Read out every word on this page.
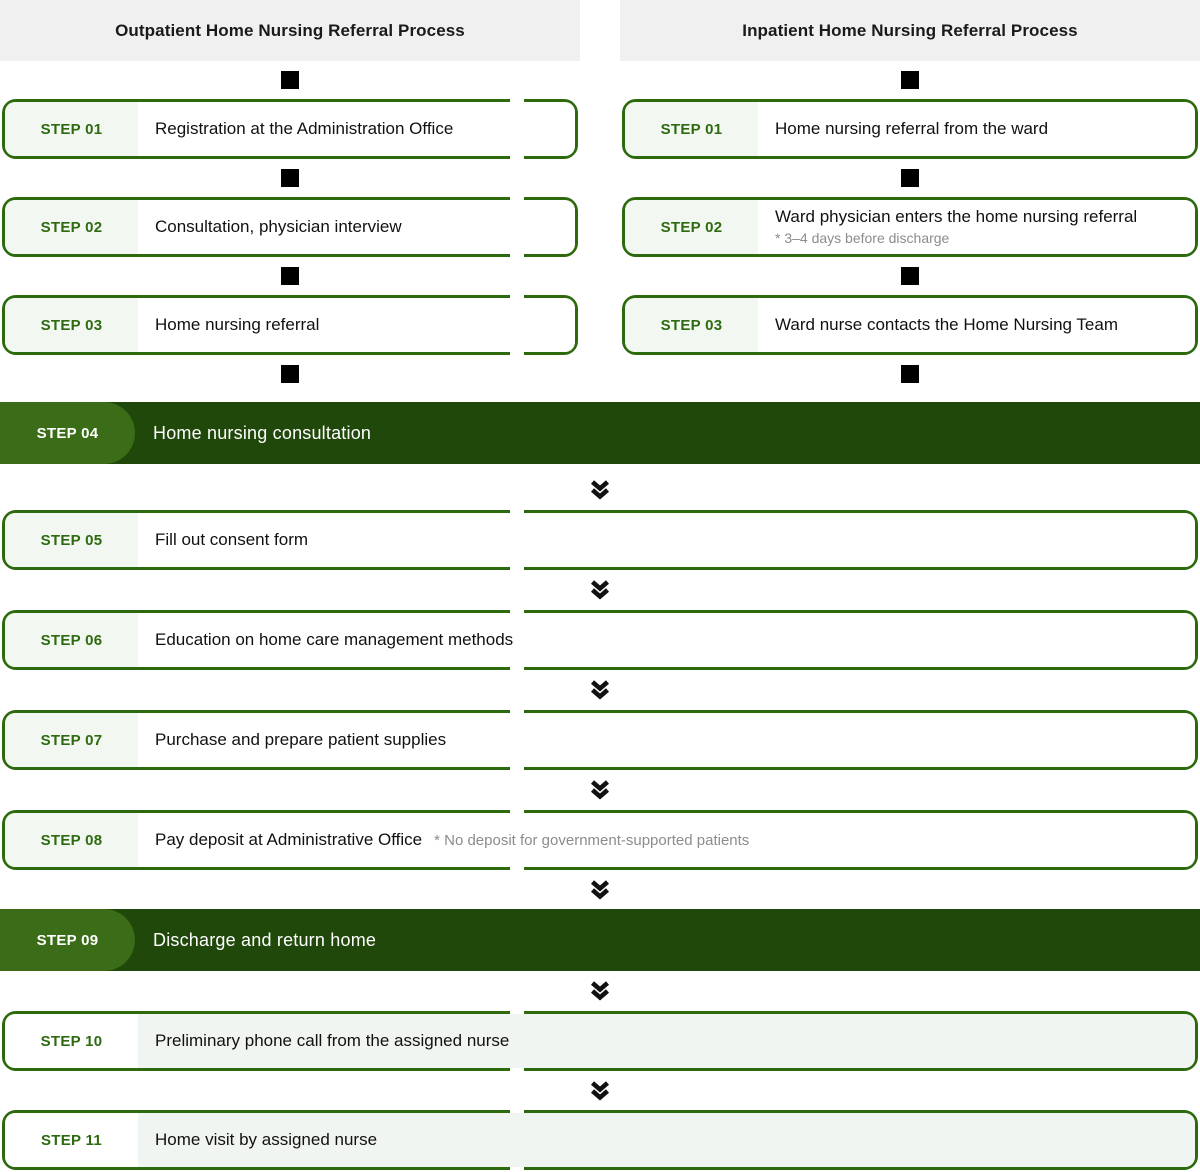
Outpatient Home Nursing Referral Process
STEP 01	Registration at the Administration Office
STEP 02	Consultation, physician interview
STEP 03	Home nursing referral
Inpatient Home Nursing Referral Process
STEP 01	Home nursing referral from the ward
STEP 02
Ward physician enters the home nursing referral
* 3–4 days before discharge
STEP 03	Ward nurse contacts the Home Nursing Team
STEP 04	Home nursing consultation
STEP 05	Fill out consent form
STEP 06	Education on home care management methods
STEP 07	Purchase and prepare patient supplies
STEP 08	Pay deposit at Administrative Office * No deposit for government-supported patients
STEP 09	Discharge and return home
STEP 10	Preliminary phone call from the assigned nurse
STEP 11	Home visit by assigned nurse
